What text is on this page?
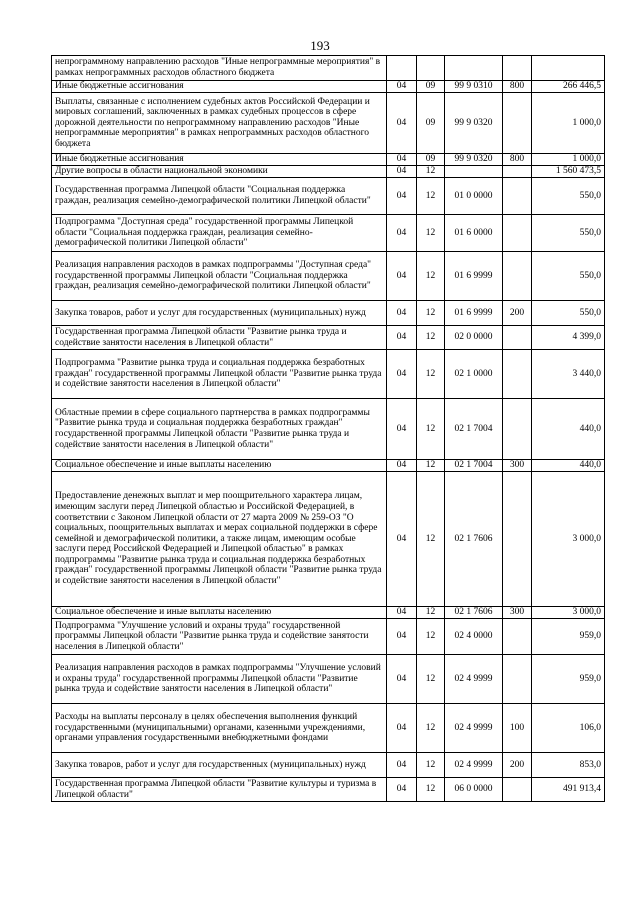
193
непрограммному направлению расходов "Иные непрограммные мероприятия" в рамках непрограммных расходов областного бюджета					
Иные бюджетные ассигнования	04	09	99 9 0310	800	266 446,5
Выплаты, связанные с исполнением судебных актов Российской Федерации и мировых соглашений, заключенных в рамках судебных процессов в сфере дорожной деятельности по непрограммному направлению расходов "Иные непрограммные мероприятия" в рамках непрограммных расходов областного бюджета	04	09	99 9 0320		1 000,0
Иные бюджетные ассигнования	04	09	99 9 0320	800	1 000,0
Другие вопросы в области национальной экономики	04	12			1 560 473,5
Государственная программа Липецкой области "Социальная поддержка граждан, реализация семейно-демографической политики Липецкой области"	04	12	01 0 0000		550,0
Подпрограмма "Доступная среда" государственной программы Липецкой области "Социальная поддержка граждан, реализация семейно-демографической политики Липецкой области"	04	12	01 6 0000		550,0
Реализация направления расходов в рамках подпрограммы "Доступная среда" государственной программы Липецкой области "Социальная поддержка граждан, реализация семейно-демографической политики Липецкой области"	04	12	01 6 9999		550,0
Закупка товаров, работ и услуг для государственных (муниципальных) нужд	04	12	01 6 9999	200	550,0
Государственная программа Липецкой области "Развитие рынка труда и содействие занятости населения в Липецкой области"	04	12	02 0 0000		4 399,0
Подпрограмма "Развитие рынка труда и социальная поддержка безработных граждан" государственной программы Липецкой области "Развитие рынка труда и содействие занятости населения в Липецкой области"	04	12	02 1 0000		3 440,0
Областные премии в сфере социального партнерства в рамках подпрограммы "Развитие рынка труда и социальная поддержка безработных граждан" государственной программы Липецкой области "Развитие рынка труда и содействие занятости населения в Липецкой области"	04	12	02 1 7004		440,0
Социальное обеспечение и иные выплаты населению	04	12	02 1 7004	300	440,0
Предоставление денежных выплат и мер поощрительного характера лицам, имеющим заслуги перед Липецкой областью и Российской Федерацией, в соответствии с Законом Липецкой области от 27 марта 2009 № 259-ОЗ "О социальных, поощрительных выплатах и мерах социальной поддержки в сфере семейной и демографической политики, а также лицам, имеющим особые заслуги перед Российской Федерацией и Липецкой областью" в рамках подпрограммы "Развитие рынка труда и социальная поддержка безработных граждан" государственной программы Липецкой области "Развитие рынка труда и содействие занятости населения в Липецкой области"	04	12	02 1 7606		3 000,0
Социальное обеспечение и иные выплаты населению	04	12	02 1 7606	300	3 000,0
Подпрограмма "Улучшение условий и охраны труда" государственной программы Липецкой области "Развитие рынка труда и содействие занятости населения в Липецкой области"	04	12	02 4 0000		959,0
Реализация направления расходов в рамках подпрограммы "Улучшение условий и охраны труда" государственной программы Липецкой области "Развитие рынка труда и содействие занятости населения в Липецкой области"	04	12	02 4 9999		959,0
Расходы на выплаты персоналу в целях обеспечения выполнения функций государственными (муниципальными) органами, казенными учреждениями, органами управления государственными внебюджетными фондами	04	12	02 4 9999	100	106,0
Закупка товаров, работ и услуг для государственных (муниципальных) нужд	04	12	02 4 9999	200	853,0
Государственная программа Липецкой области "Развитие культуры и туризма в Липецкой области"	04	12	06 0 0000		491 913,4
